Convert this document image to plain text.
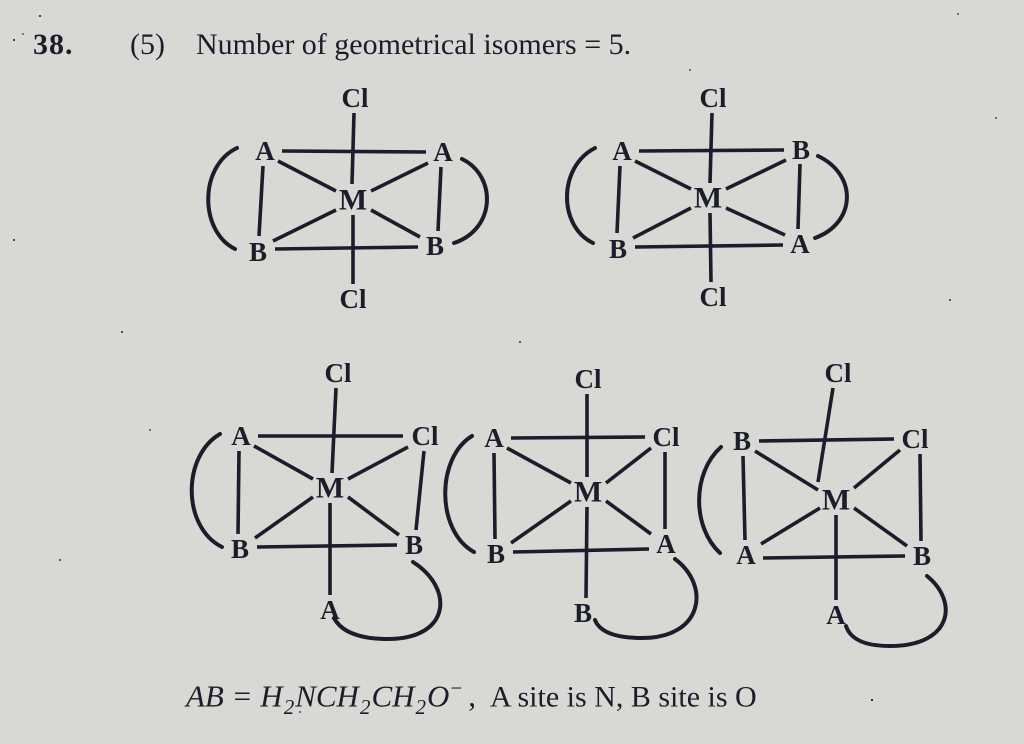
38. (5) Number of geometrical isomers = 5.
Cl
A	A
M
B	B
Cl
Cl
A	B
M
B	A
Cl
Cl
A	Cl
M
B	B
A
Cl
A	Cl
M
B	A
B
Cl
B	Cl
M
A	B
A
AB = $H_2NCH_2CH_2O^-$ , A site is N, B site is O
